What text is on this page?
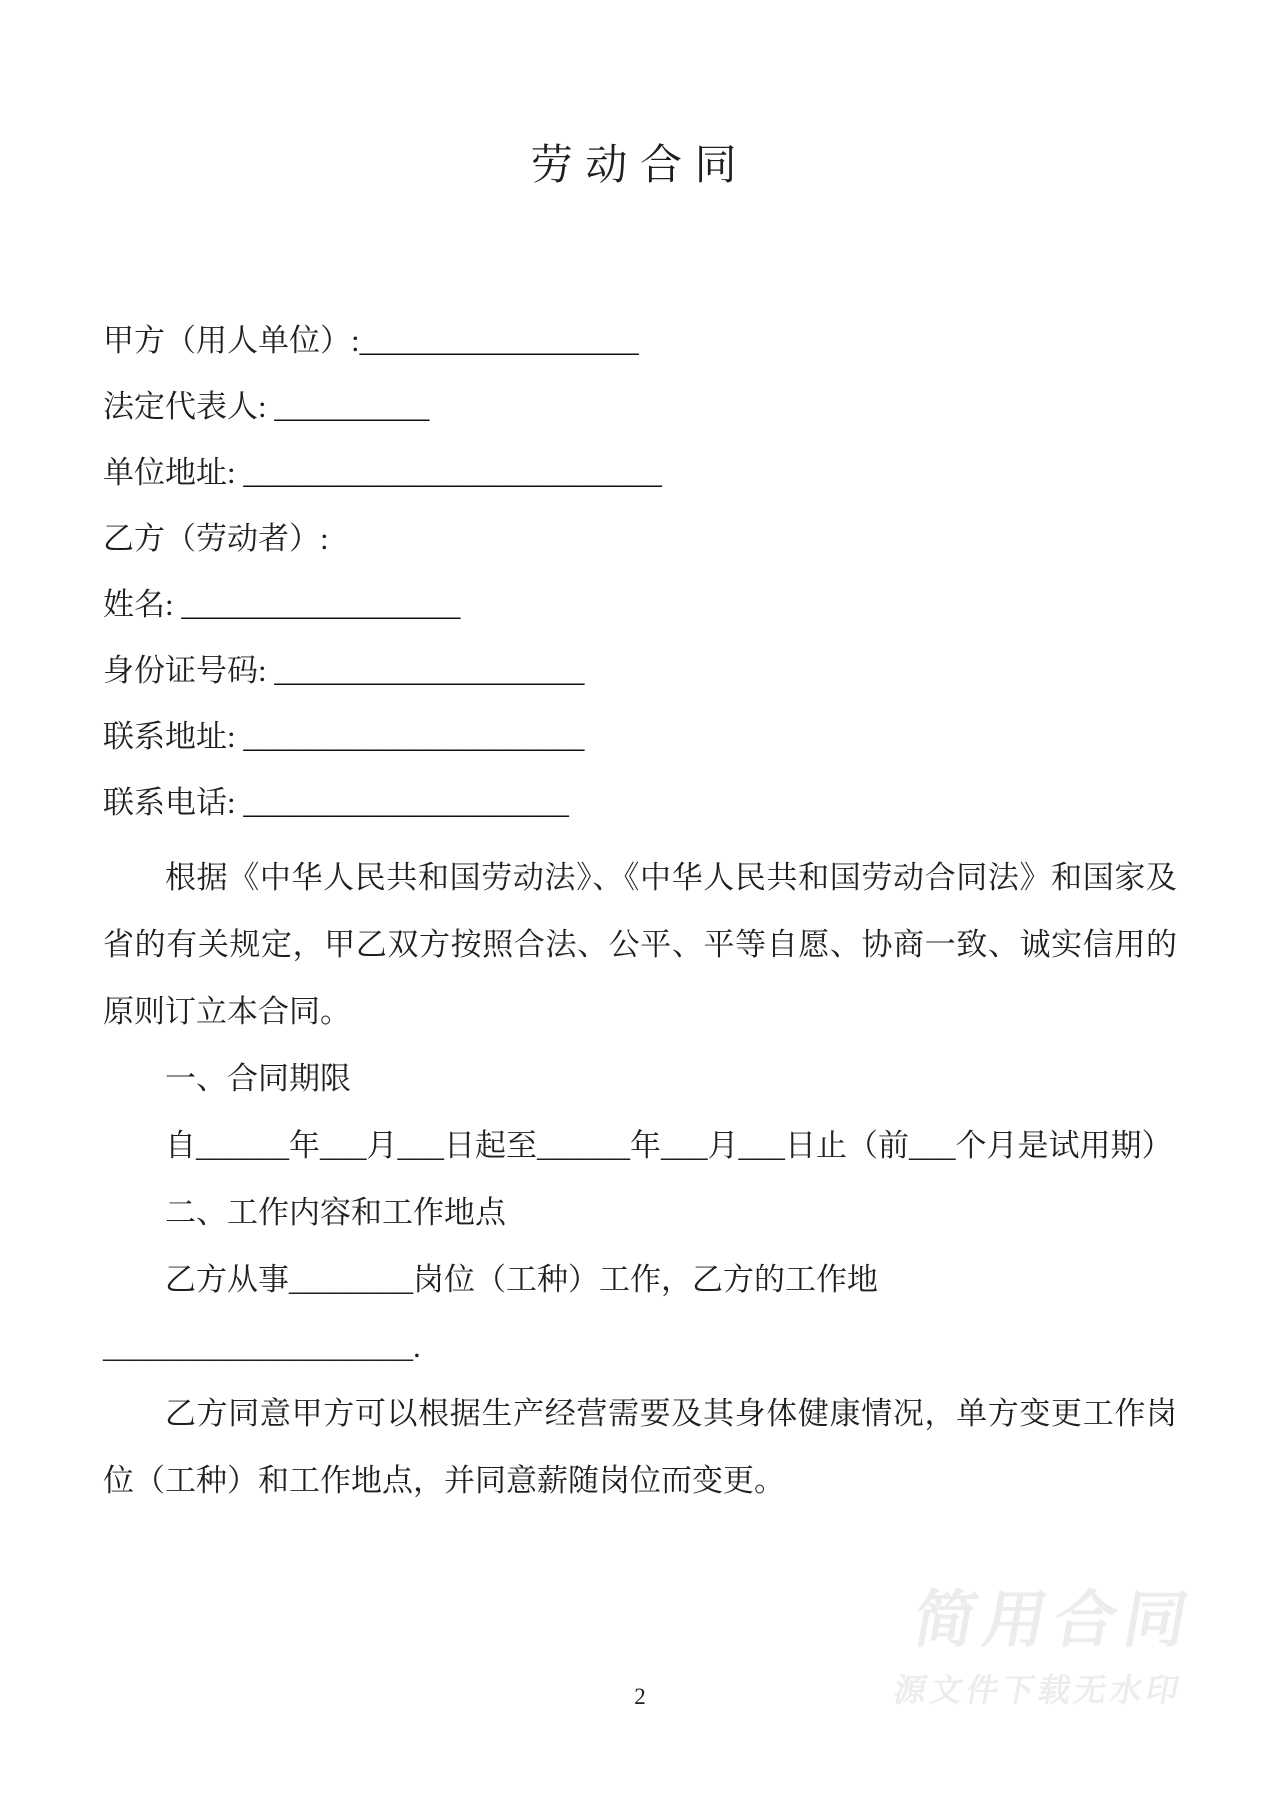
劳动合同
甲方（用人单位）:__________________
法定代表人: __________
单位地址: ___________________________
乙方（劳动者）:
姓名: __________________
身份证号码: ____________________
联系地址: ______________________
联系电话: _____________________

根据《中华人民共和国劳动法》、《中华人民共和国劳动合同法》和国家及省的有关规定，甲乙双方按照合法、公平、平等自愿、协商一致、诚实信用的原则订立本合同。

一、合同期限

自______年___月___日起至______年___月___日止（前___个月是试用期）

二、工作内容和工作地点

乙方从事________岗位（工种）工作，乙方的工作地

____________________.

乙方同意甲方可以根据生产经营需要及其身体健康情况，单方变更工作岗位（工种）和工作地点，并同意薪随岗位而变更。

简用合同
源文件下载无水印
2
